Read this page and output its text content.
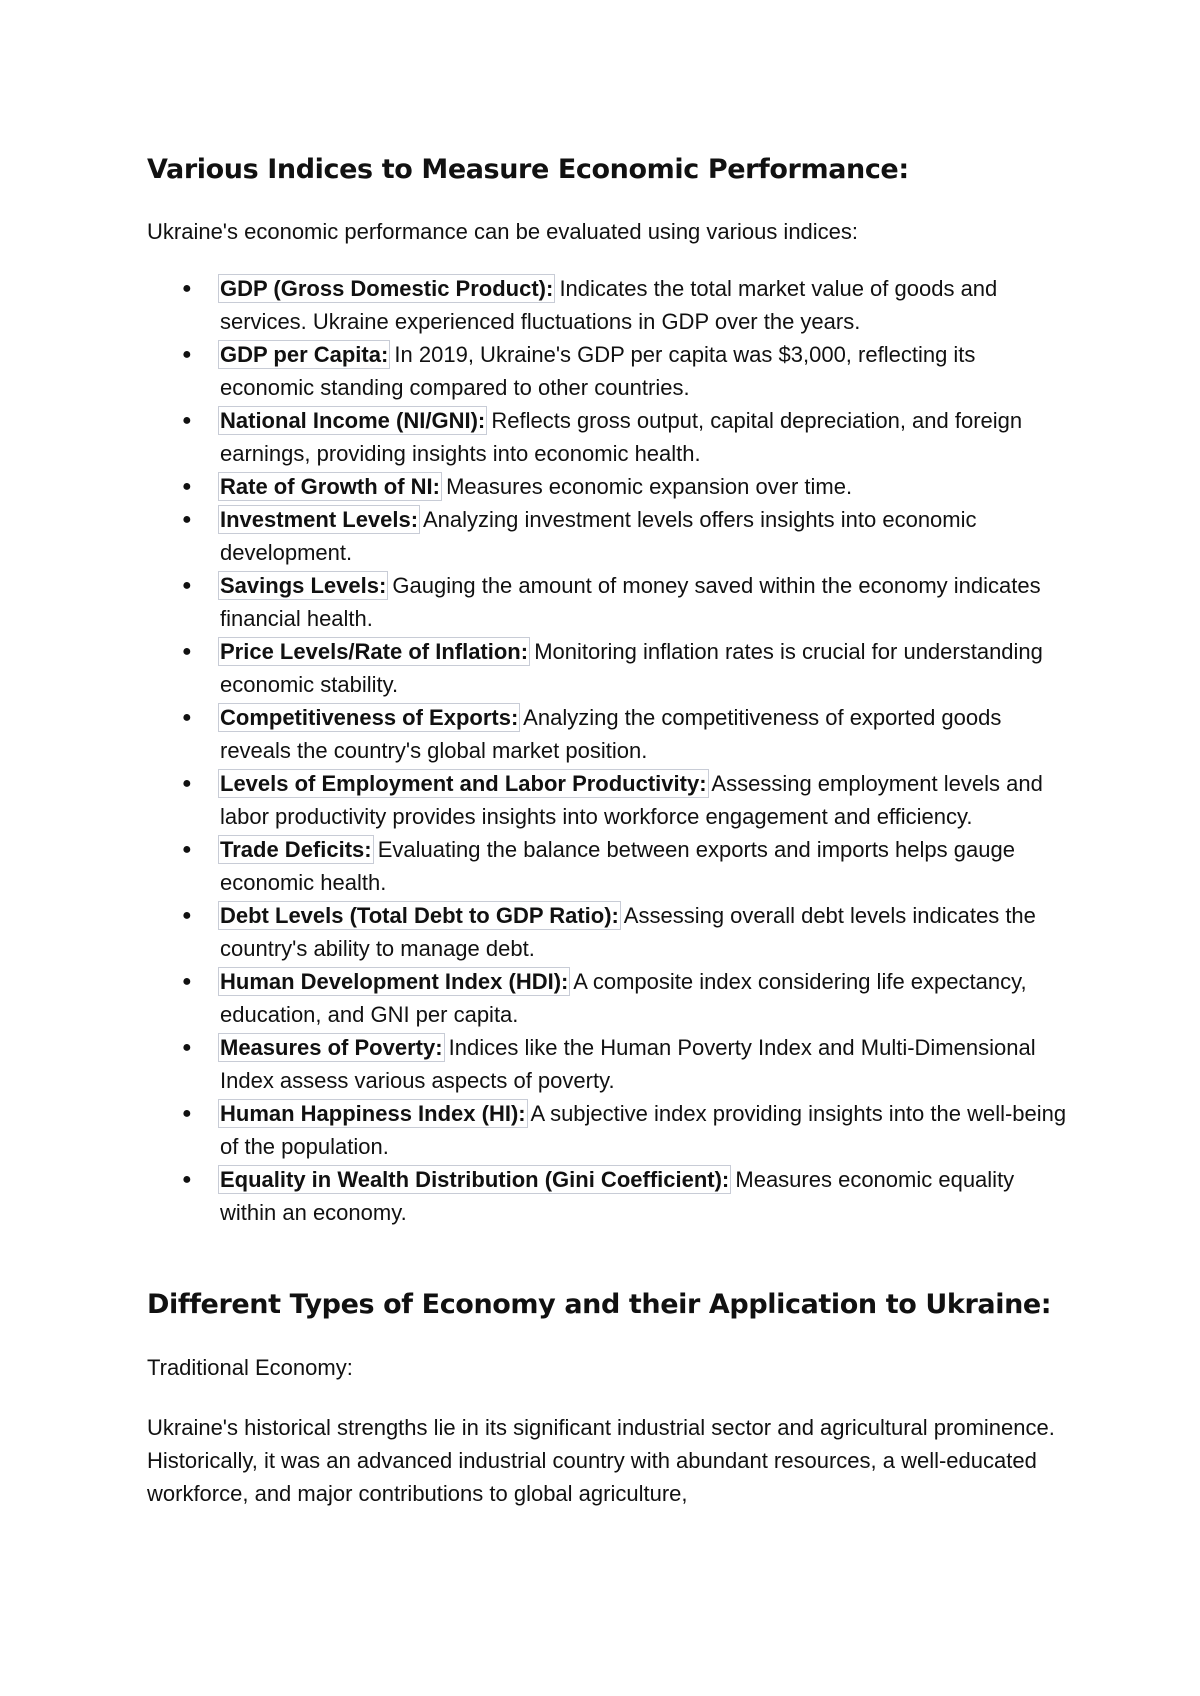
Various Indices to Measure Economic Performance:

Ukraine's economic performance can be evaluated using various indices:

● GDP (Gross Domestic Product): Indicates the total market value of goods and services. Ukraine experienced fluctuations in GDP over the years.
● GDP per Capita: In 2019, Ukraine's GDP per capita was $3,000, reflecting its economic standing compared to other countries.
● National Income (NI/GNI): Reflects gross output, capital depreciation, and foreign earnings, providing insights into economic health.
● Rate of Growth of NI: Measures economic expansion over time.
● Investment Levels: Analyzing investment levels offers insights into economic development.
● Savings Levels: Gauging the amount of money saved within the economy indicates financial health.
● Price Levels/Rate of Inflation: Monitoring inflation rates is crucial for understanding economic stability.
● Competitiveness of Exports: Analyzing the competitiveness of exported goods reveals the country's global market position.
● Levels of Employment and Labor Productivity: Assessing employment levels and labor productivity provides insights into workforce engagement and efficiency.
● Trade Deficits: Evaluating the balance between exports and imports helps gauge economic health.
● Debt Levels (Total Debt to GDP Ratio): Assessing overall debt levels indicates the country's ability to manage debt.
● Human Development Index (HDI): A composite index considering life expectancy, education, and GNI per capita.
● Measures of Poverty: Indices like the Human Poverty Index and Multi-Dimensional Index assess various aspects of poverty.
● Human Happiness Index (HI): A subjective index providing insights into the well-being of the population.
● Equality in Wealth Distribution (Gini Coefficient): Measures economic equality within an economy.
Different Types of Economy and their Application to Ukraine:

Traditional Economy:

Ukraine's historical strengths lie in its significant industrial sector and agricultural prominence. Historically, it was an advanced industrial country with abundant resources, a well-educated workforce, and major contributions to global agriculture,
